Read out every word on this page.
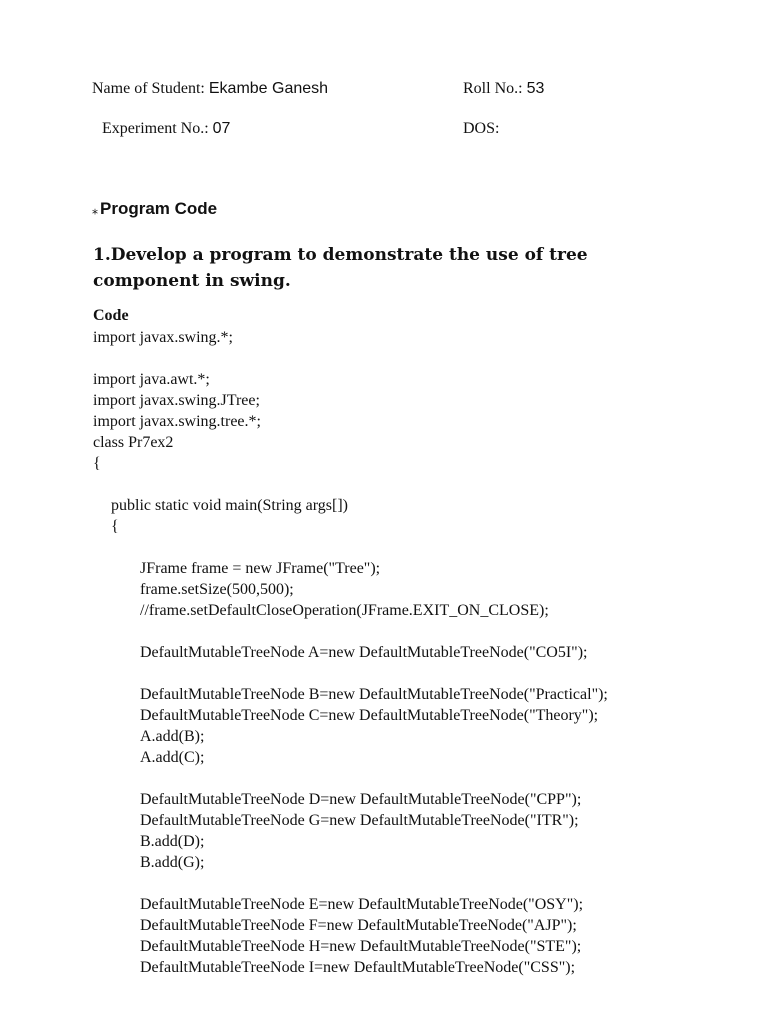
Name of Student: Ekambe Ganesh	Roll No.: 53
Experiment No.: 07	DOS:
⁎ Program Code
1.Develop a program to demonstrate the use of tree component in swing.
Code
import javax.swing.*;
import java.awt.*;
import javax.swing.JTree;
import javax.swing.tree.*;
class Pr7ex2
{
public static void main(String args[])
{
JFrame frame = new JFrame("Tree");
frame.setSize(500,500);
//frame.setDefaultCloseOperation(JFrame.EXIT_ON_CLOSE);
DefaultMutableTreeNode A=new DefaultMutableTreeNode("CO5I");
DefaultMutableTreeNode B=new DefaultMutableTreeNode("Practical");
DefaultMutableTreeNode C=new DefaultMutableTreeNode("Theory");
A.add(B);
A.add(C);
DefaultMutableTreeNode D=new DefaultMutableTreeNode("CPP");
DefaultMutableTreeNode G=new DefaultMutableTreeNode("ITR");
B.add(D);
B.add(G);
DefaultMutableTreeNode E=new DefaultMutableTreeNode("OSY");
DefaultMutableTreeNode F=new DefaultMutableTreeNode("AJP");
DefaultMutableTreeNode H=new DefaultMutableTreeNode("STE");
DefaultMutableTreeNode I=new DefaultMutableTreeNode("CSS");
